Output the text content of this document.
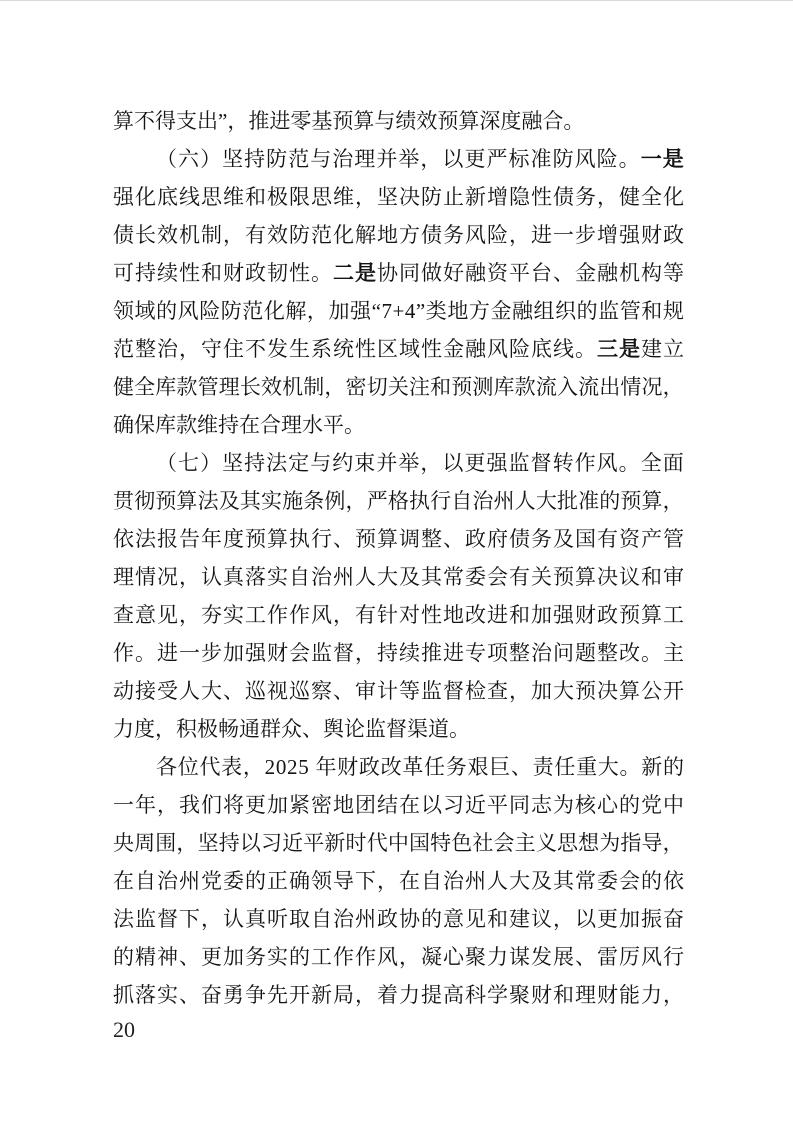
算不得支出”，推进零基预算与绩效预算深度融合。
（ 六 ） 坚 持 防 范 与 治 理 并 举 ， 以 更 严 标 准 防 风 险 。 一 是
强 化 底 线 思 维 和 极 限 思 维 ， 坚 决 防 止 新 增 隐 性 债 务 ， 健 全 化
债 长 效 机 制 ， 有 效 防 范 化 解 地 方 债 务 风 险 ， 进 一 步 增 强 财 政
可 持 续 性 和 财 政 韧 性 。 二 是 协 同 做 好 融 资 平 台 、 金 融 机 构 等
领 域 的 风 险 防 范 化 解 ， 加 强 “ 7 + 4 ” 类 地 方 金 融 组 织 的 监 管 和 规
范 整 治 ， 守 住 不 发 生 系 统 性 区 域 性 金 融 风 险 底 线 。 三 是 建 立
健 全 库 款 管 理 长 效 机 制 ， 密 切 关 注 和 预 测 库 款 流 入 流 出 情 况 ，
确保库款维持在合理水平。
（ 七 ） 坚 持 法 定 与 约 束 并 举 ， 以 更 强 监 督 转 作 风 。 全 面
贯 彻 预 算 法 及 其 实 施 条 例 ， 严 格 执 行 自 治 州 人 大 批 准 的 预 算 ，
依 法 报 告 年 度 预 算 执 行 、 预 算 调 整 、 政 府 债 务 及 国 有 资 产 管
理 情 况 ， 认 真 落 实 自 治 州 人 大 及 其 常 委 会 有 关 预 算 决 议 和 审
查 意 见 ， 夯 实 工 作 作 风 ， 有 针 对 性 地 改 进 和 加 强 财 政 预 算 工
作 。 进 一 步 加 强 财 会 监 督 ， 持 续 推 进 专 项 整 治 问 题 整 改 。 主
动 接 受 人 大 、 巡 视 巡 察 、 审 计 等 监 督 检 查 ， 加 大 预 决 算 公 开
力度，积极畅通群众、舆论监督渠道。
各 位 代 表 ， 2 0 2 5
年 财 政 改 革 任 务 艰 巨 、 责 任 重 大 。 新 的
一 年 ， 我 们 将 更 加 紧 密 地 团 结 在 以 习 近 平 同 志 为 核 心 的 党 中
央 周 围 ， 坚 持 以 习 近 平 新 时 代 中 国 特 色 社 会 主 义 思 想 为 指 导 ，
在 自 治 州 党 委 的 正 确 领 导 下 ， 在 自 治 州 人 大 及 其 常 委 会 的 依
法 监 督 下 ， 认 真 听 取 自 治 州 政 协 的 意 见 和 建 议 ， 以 更 加 振 奋
的 精 神 、 更 加 务 实 的 工 作 作 风 ， 凝 心 聚 力 谋 发 展 、 雷 厉 风 行
抓 落 实 、 奋 勇 争 先 开 新 局 ， 着 力 提 高 科 学 聚 财 和 理 财 能 力 ，
20
